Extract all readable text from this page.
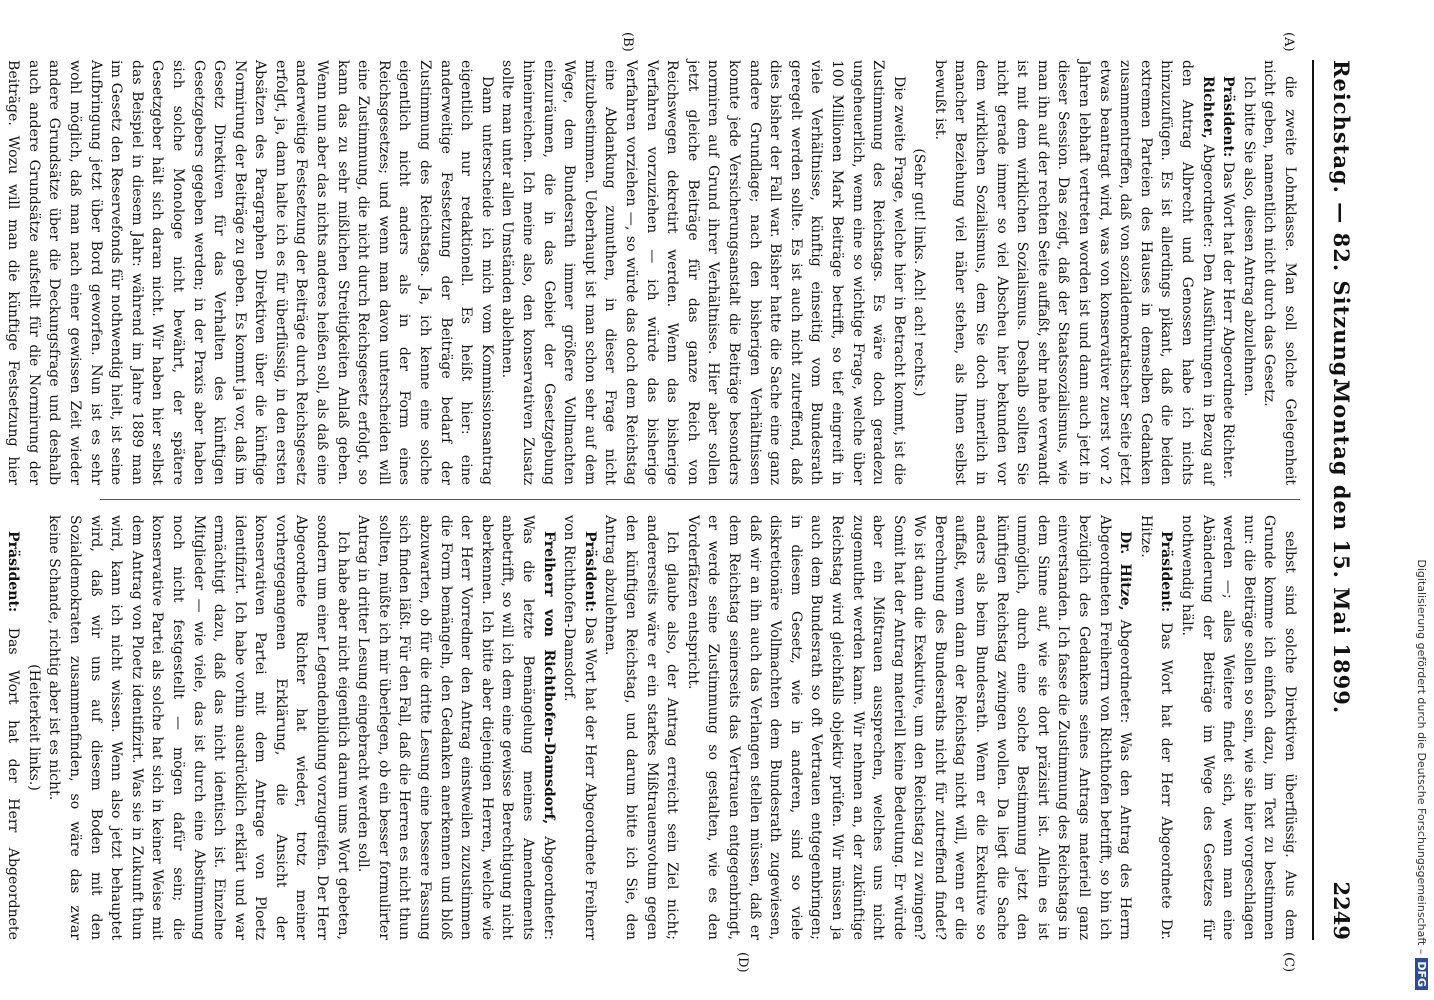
Reichstag. — 82. Sitzung.
Montag den 15. Mai 1899.
2249
(A)
(B)
(C)
(D)

die zweite Lohnklasse. Man soll solche Gelegenheit nicht geben, namentlich nicht durch das Gesetz.

Ich bitte Sie also, diesen Antrag abzulehnen.

Präsident: Das Wort hat der Herr Abgeordnete Richter.

Richter, Abgeordneter: Den Ausführungen in Bezug auf den Antrag Albrecht und Genossen habe ich nichts hinzuzufügen. Es ist allerdings pikant, daß die beiden extremen Parteien des Hauses in demselben Gedanken zusammentreffen, daß von sozialdemokratischer Seite jetzt etwas beantragt wird, was von konservativer zuerst vor 2 Jahren lebhaft vertreten worden ist und dann auch jetzt in dieser Session. Das zeigt, daß der Staatssozialismus, wie man ihn auf der rechten Seite auffaßt, sehr nahe verwandt ist mit dem wirklichen Sozialismus. Deshalb sollten Sie nicht gerade immer so viel Abscheu hier bekunden vor dem wirklichen Sozialismus, dem Sie doch innerlich in mancher Beziehung viel näher stehen, als Ihnen selbst bewußt ist.

(Sehr gut! links. Ach! ach! rechts.)

Die zweite Frage, welche hier in Betracht kommt, ist die Zustimmung des Reichstags. Es wäre doch geradezu ungeheuerlich, wenn eine so wichtige Frage, welche über 100 Millionen Mark Beiträge betrifft, so tief eingreift in viele Verhältnisse, künftig einseitig vom Bundesrath geregelt werden sollte. Es ist auch nicht zutreffend, daß dies bisher der Fall war. Bisher hatte die Sache eine ganz andere Grundlage; nach den bisherigen Verhältnissen konnte jede Versicherungsanstalt die Beiträge besonders normiren auf Grund ihrer Verhältnisse. Hier aber sollen jetzt gleiche Beiträge für das ganze Reich von Reichswegen dekretirt werden. Wenn das bisherige Verfahren vorzuziehen — ich würde das bisherige Verfahren vorziehen —, so würde das doch dem Reichstag eine Abdankung zumuthen, in dieser Frage nicht mitzubestimmen. Ueberhaupt ist man schon sehr auf dem Wege, dem Bundesrath immer größere Vollmachten einzuräumen, die in das Gebiet der Gesetzgebung hineinreichen. Ich meine also, den konservativen Zusatz sollte man unter allen Umständen ablehnen.

Dann unterscheide ich mich vom Kommissionsantrag eigentlich nur redaktionell. Es heißt hier: eine anderweitige Festsetzung der Beiträge bedarf der Zustimmung des Reichstags. Ja, ich kenne eine solche eigentlich nicht anders als in der Form eines Reichsgesetzes; und wenn man davon unterscheiden will eine Zustimmung, die nicht durch Reichsgesetz erfolgt, so kann das zu sehr mißlichen Streitigkeiten Anlaß geben. Wenn nun aber das nichts anderes heißen soll, als daß eine anderweitige Festsetzung der Beiträge durch Reichsgesetz erfolgt, ja, dann halte ich es für überflüssig, in den ersten Absätzen des Paragraphen Direktiven über die künftige Normirung der Beiträge zu geben. Es kommt ja vor, daß im Gesetz Direktiven für das Verhalten des künftigen Gesetzgebers gegeben werden; in der Praxis aber haben sich solche Monologe nicht bewährt, der spätere Gesetzgeber hält sich daran nicht. Wir haben hier selbst das Beispiel in diesem Jahr: während im Jahre 1889 man im Gesetz den Reservefonds für nothwendig hielt, ist seine Aufbringung jetzt über Bord geworfen. Nun ist es sehr wohl möglich, daß man nach einer gewissen Zeit wieder andere Grundsätze über die Deckungsfrage und deshalb auch andere Grundsätze aufstellt für die Normirung der Beiträge. Wozu will man die künftige Festsetzung hier

selbst sind solche Direktiven überflüssig. Aus dem Grunde komme ich einfach dazu, im Text zu bestimmen nur: die Beiträge sollen so sein, wie sie hier vorgeschlagen werden —; alles Weitere findet sich, wenn man eine Abänderung der Beiträge im Wege des Gesetzes für nothwendig hält.

Präsident: Das Wort hat der Herr Abgeordnete Dr. Hitze.

Dr. Hitze, Abgeordneter: Was den Antrag des Herrn Abgeordneten Freiherrn von Richthofen betrifft, so bin ich bezüglich des Gedankens seines Antrags materiell ganz einverstanden. Ich fasse die Zustimmung des Reichstags in dem Sinne auf, wie sie dort präzisirt ist. Allein es ist unmöglich, durch eine solche Bestimmung jetzt den künftigen Reichstag zwingen wollen. Da liegt die Sache anders als beim Bundesrath. Wenn er die Exekutive so auffaßt, wenn dann der Reichstag nicht will, wenn er die Berechnung des Bundesraths nicht für zutreffend findet? Wo ist dann die Exekutive, um den Reichstag zu zwingen? Somit hat der Antrag materiell keine Bedeutung. Er würde aber ein Mißtrauen aussprechen, welches uns nicht zugemuthet werden kann. Wir nehmen an, der zukünftige Reichstag wird gleichfalls objektiv prüfen. Wir müssen ja auch dem Bundesrath so oft Vertrauen entgegenbringen; in diesem Gesetz, wie in anderen, sind so viele diskretionäre Vollmachten dem Bundesrath zugewiesen, daß wir an ihn auch das Verlangen stellen müssen, daß er dem Reichstag seinerseits das Vertrauen entgegenbringt, er werde seine Zustimmung so gestalten, wie es den Vorderfätzen entspricht.

Ich glaube also, der Antrag erreicht sein Ziel nicht; andererseits wäre er ein starkes Mißtrauensvotum gegen den künftigen Reichstag, und darum bitte ich Sie, den Antrag abzulehnen.

Präsident: Das Wort hat der Herr Abgeordnete Freiherr von Richthofen-Damsdorf.

Freiherr von Richthofen-Damsdorf, Abgeordneter: Was die letzte Bemängelung meines Amendements anbetrifft, so will ich dem eine gewisse Berechtigung nicht aberkennen. Ich bitte aber diejenigen Herren, welche wie der Herr Vorredner den Antrag einstweilen zuzustimmen die Form bemängeln, den Gedanken anerkennen und bloß abzuwarten, ob für die dritte Lesung eine bessere Fassung sich finden läßt. Für den Fall, daß die Herren es nicht thun sollten, müßte ich mir überlegen, ob ein besser formulirter Antrag in dritter Lesung eingebracht werden soll.

Ich habe aber nicht eigentlich darum ums Wort gebeten, sondern um einer Legendenbildung vorzugreifen. Der Herr Abgeordnete Richter hat wieder, trotz meiner vorhergegangenen Erklärung, die Ansicht der konservativen Partei mit dem Antrage von Ploetz identifizirt. Ich habe vorhin ausdrücklich erklärt und war ermächtigt dazu, daß das nicht identisch ist. Einzelne Mitglieder — wie viele, das ist durch eine Abstimmung noch nicht festgestellt — mögen dafür sein; die konservative Partei als solche hat sich in keiner Weise mit dem Antrag von Ploetz identifizirt. Was sie in Zukunft thun wird, kann ich nicht wissen. Wenn also jetzt behauptet wird, daß wir uns auf diesem Boden mit den Sozialdemokraten zusammenfinden, so wäre das zwar keine Schande, richtig aber ist es nicht.

(Heiterkeit links.)

Präsident: Das Wort hat der Herr Abgeordnete	Digitalisierung gefördert durch die Deutsche Forschungsgemeinschaft –DFG
